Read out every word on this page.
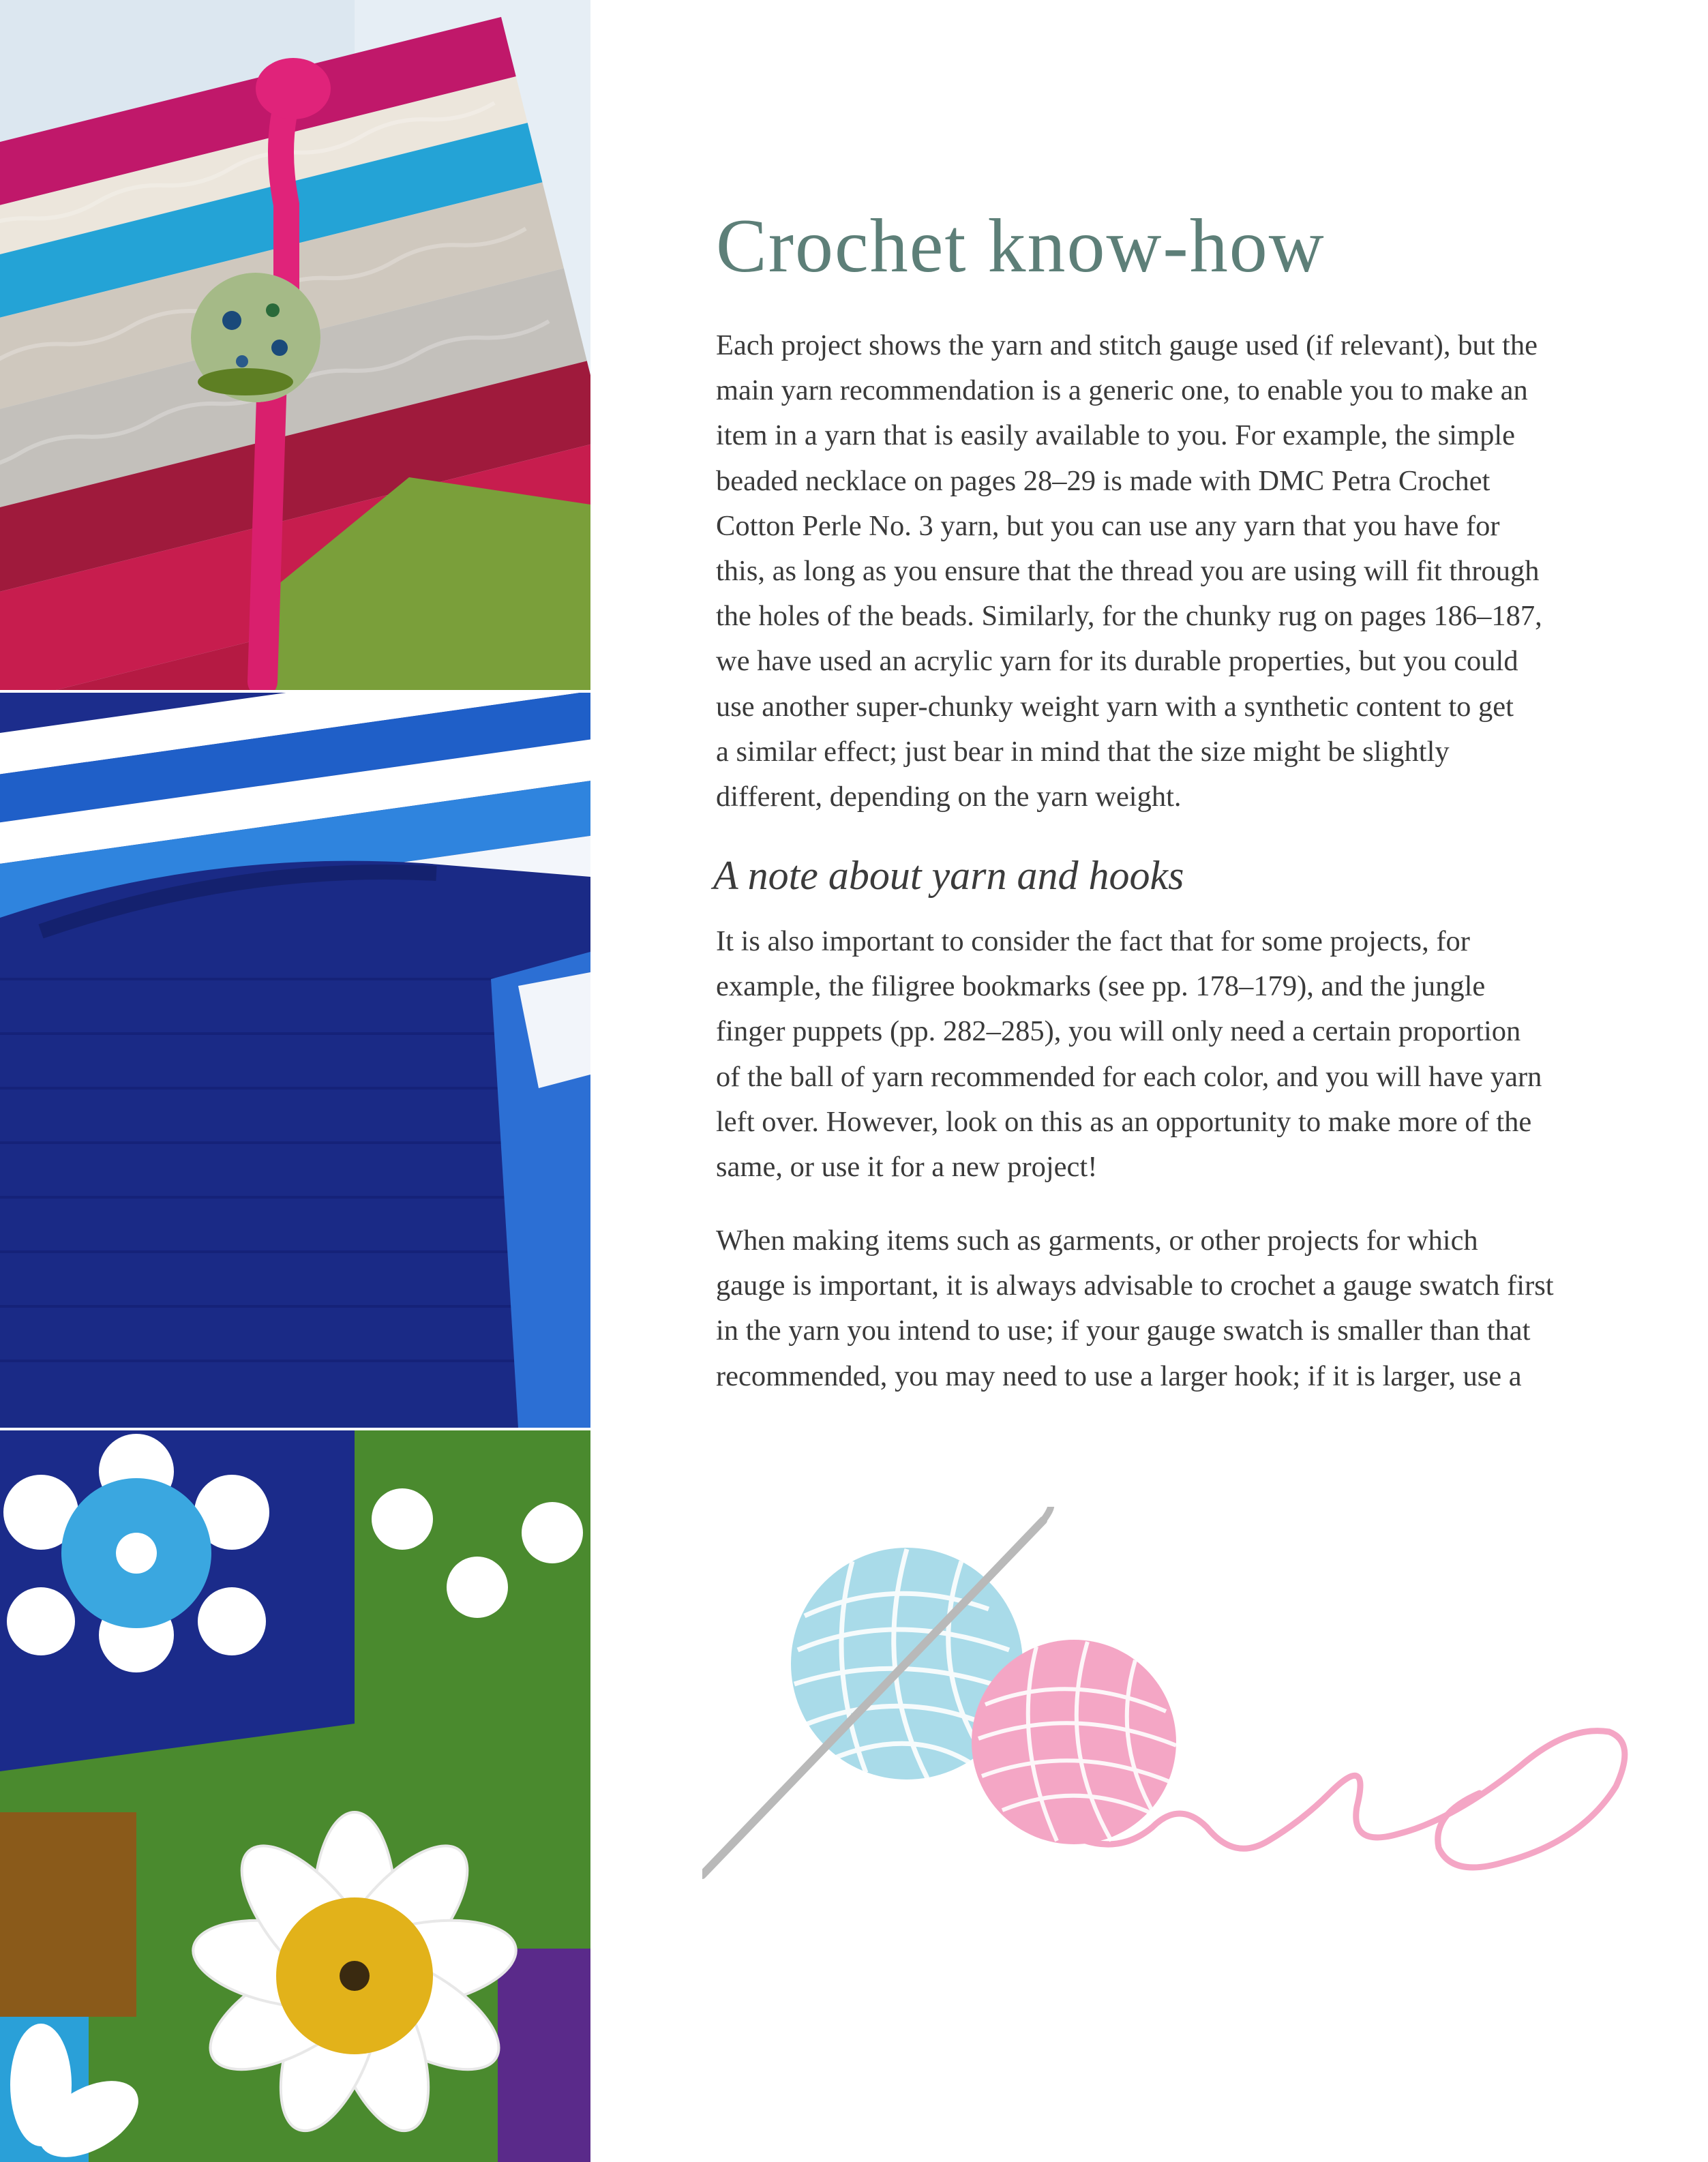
Crochet know-how
Each project shows the yarn and stitch gauge used (if relevant), but the
main yarn recommendation is a generic one, to enable you to make an
item in a yarn that is easily available to you. For example, the simple
beaded necklace on pages 28–29 is made with DMC Petra Crochet
Cotton Perle No. 3 yarn, but you can use any yarn that you have for
this, as long as you ensure that the thread you are using will fit through
the holes of the beads. Similarly, for the chunky rug on pages 186–187,
we have used an acrylic yarn for its durable properties, but you could
use another super-chunky weight yarn with a synthetic content to get
a similar effect; just bear in mind that the size might be slightly
different, depending on the yarn weight.
A note about yarn and hooks
It is also important to consider the fact that for some projects, for
example, the filigree bookmarks (see pp. 178–179), and the jungle
finger puppets (pp. 282–285), you will only need a certain proportion
of the ball of yarn recommended for each color, and you will have yarn
left over. However, look on this as an opportunity to make more of the
same, or use it for a new project!
When making items such as garments, or other projects for which
gauge is important, it is always advisable to crochet a gauge swatch first
in the yarn you intend to use; if your gauge swatch is smaller than that
recommended, you may need to use a larger hook; if it is larger, use a
